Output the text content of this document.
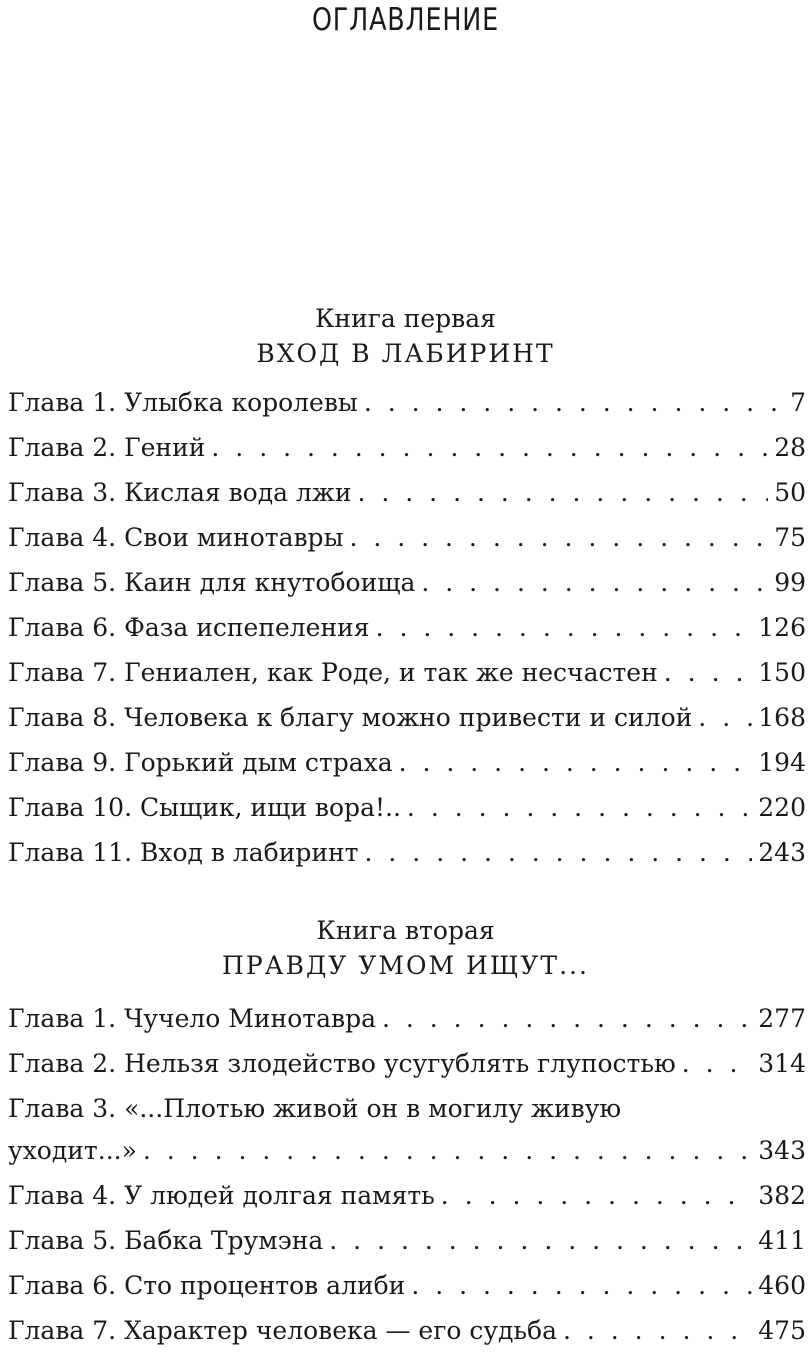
ОГЛАВЛЕНИЕ
Книга первая
ВХОД В ЛАБИРИНТ
Глава 1. Улыбка королевы . . .	7
Глава 2. Гений . . .	28
Глава 3. Кислая вода лжи . . .	50
Глава 4. Свои минотавры . . .	75
Глава 5. Каин для кнутобоища . . .	99
Глава 6. Фаза испепеления . . .	126
Глава 7. Гениален, как Роде, и так же несчастен . . .	150
Глава 8. Человека к благу можно привести и силой . . .	168
Глава 9. Горький дым страха . . .	194
Глава 10. Сыщик, ищи вора!.. . . .	220
Глава 11. Вход в лабиринт . . .	243
Книга вторая
ПРАВДУ УМОМ ИЩУТ...
Глава 1. Чучело Минотавра . . .	277
Глава 2. Нельзя злодейство усугублять глупостью . . .	314
Глава 3. «...Плотью живой он в могилу живую
уходит...» . . .	343
Глава 4. У людей долгая память . . .	382
Глава 5. Бабка Трумэна . . .	411
Глава 6. Сто процентов алиби . . .	460
Глава 7. Характер человека — его судьба . . .	475
